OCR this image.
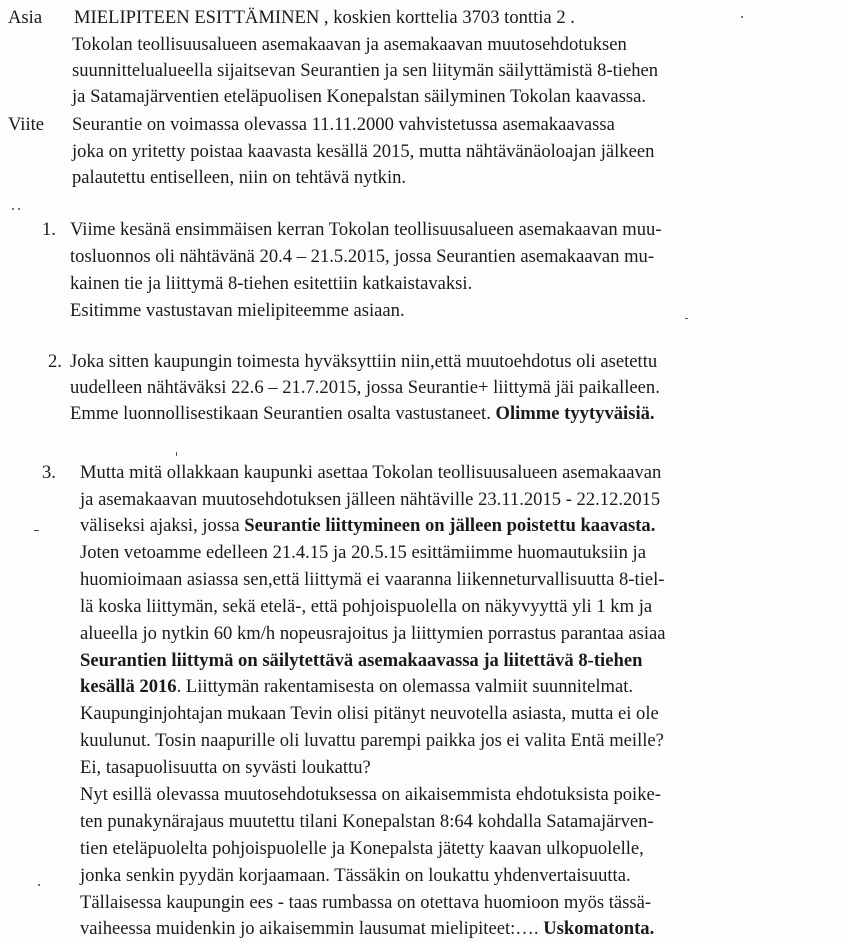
Asia MIELIPITEEN ESITTÄMINEN , koskien korttelia 3703 tonttia 2 .
Tokolan teollisuusalueen asemakaavan ja asemakaavan muutosehdotuksen
suunnittelualueella sijaitsevan Seurantien ja sen liitymän säilyttämistä 8-tiehen
ja Satamajärventien eteläpuolisen Konepalstan säilyminen Tokolan kaavassa.
Viite Seurantie on voimassa olevassa 11.11.2000 vahvistetussa asemakaavassa
joka on yritetty poistaa kaavasta kesällä 2015, mutta nähtävänäoloajan jälkeen
palautettu entiselleen, niin on tehtävä nytkin.
1. Viime kesänä ensimmäisen kerran Tokolan teollisuusalueen asemakaavan muu-
tosluonnos oli nähtävänä 20.4 – 21.5.2015, jossa Seurantien asemakaavan mu-
kainen tie ja liittymä 8-tiehen esitettiin katkaistavaksi.
Esitimme vastustavan mielipiteemme asiaan.
2. Joka sitten kaupungin toimesta hyväksyttiin niin,että muutoehdotus oli asetettu
uudelleen nähtäväksi 22.6 – 21.7.2015, jossa Seurantie+ liittymä jäi paikalleen.
Emme luonnollisestikaan Seurantien osalta vastustaneet. Olimme tyytyväisiä.
3. Mutta mitä ollakkaan kaupunki asettaa Tokolan teollisuusalueen asemakaavan
ja asemakaavan muutosehdotuksen jälleen nähtäville 23.11.2015 - 22.12.2015
väliseksi ajaksi, jossa Seurantie liittymineen on jälleen poistettu kaavasta.
Joten vetoamme edelleen 21.4.15 ja 20.5.15 esittämiimme huomautuksiin ja
huomioimaan asiassa sen,että liittymä ei vaaranna liikenneturvallisuutta 8-tiel-
lä koska liittymän, sekä etelä-, että pohjoispuolella on näkyvyyttä yli 1 km ja
alueella jo nytkin 60 km/h nopeusrajoitus ja liittymien porrastus parantaa asiaa
Seurantien liittymä on säilytettävä asemakaavassa ja liitettävä 8-tiehen
kesällä 2016. Liittymän rakentamisesta on olemassa valmiit suunnitelmat.
Kaupunginjohtajan mukaan Tevin olisi pitänyt neuvotella asiasta, mutta ei ole
kuulunut. Tosin naapurille oli luvattu parempi paikka jos ei valita Entä meille?
Ei, tasapuolisuutta on syvästi loukattu?
Nyt esillä olevassa muutosehdotuksessa on aikaisemmista ehdotuksista poike-
ten punakynärajaus muutettu tilani Konepalstan 8:64 kohdalla Satamajärven-
tien eteläpuolelta pohjoispuolelle ja Konepalsta jätetty kaavan ulkopuolelle,
jonka senkin pyydän korjaamaan. Tässäkin on loukattu yhdenvertaisuutta.
Tällaisessa kaupungin ees - taas rumbassa on otettava huomioon myös tässä-
vaiheessa muidenkin jo aikaisemmin lausumat mielipiteet:…. Uskomatonta.
